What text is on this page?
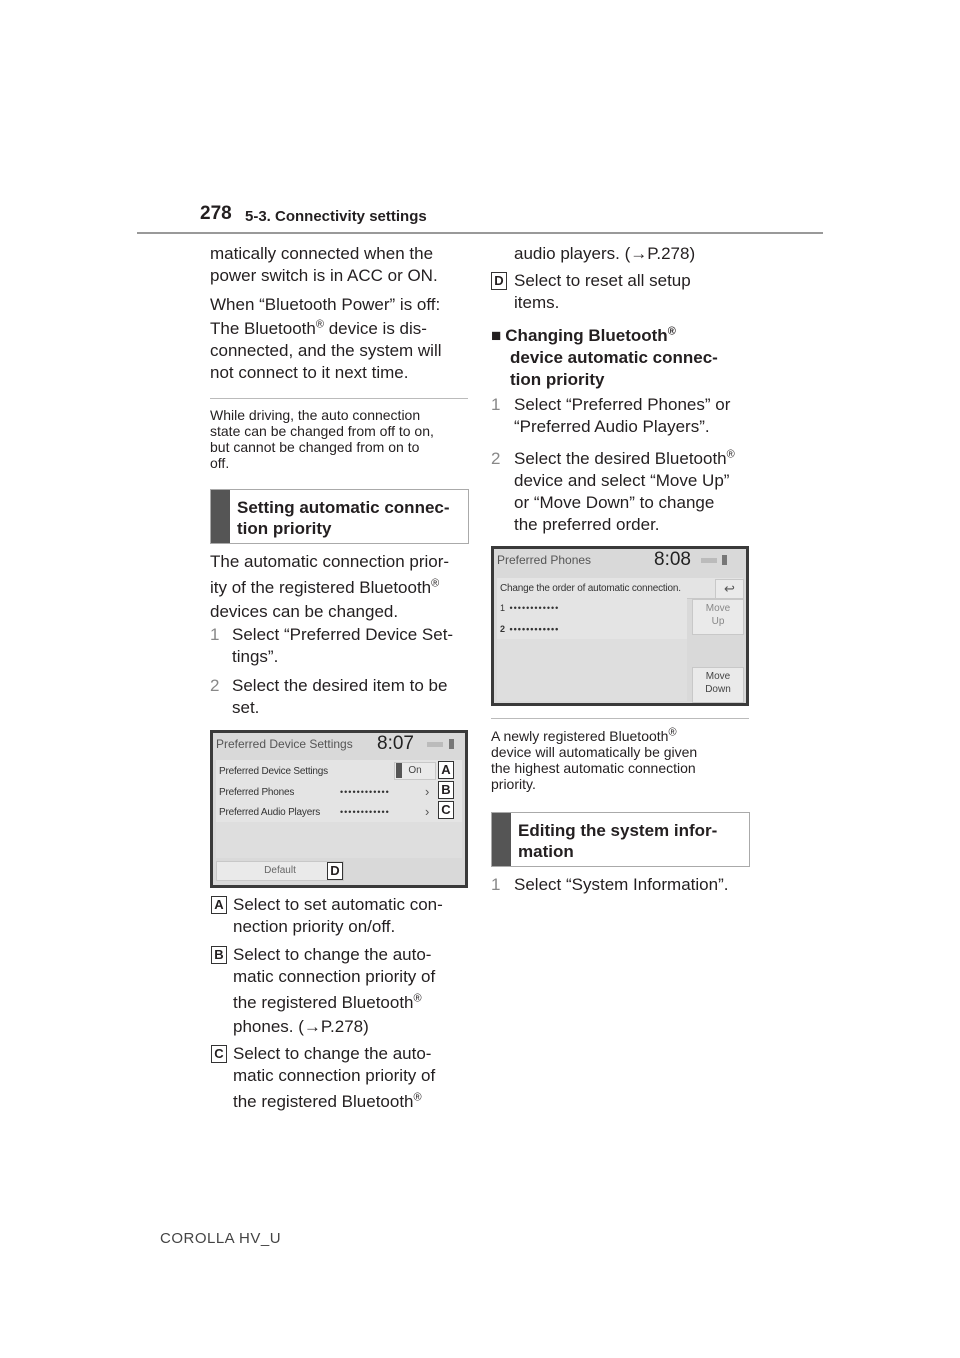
278 5-3. Connectivity settings
matically connected when the
power switch is in ACC or ON.
When “Bluetooth Power” is off:
The Bluetooth® device is dis-
connected, and the system will
not connect to it next time.
While driving, the auto connection
state can be changed from off to on,
but cannot be changed from on to
off.
Setting automatic connec-
tion priority
The automatic connection prior-
ity of the registered Bluetooth®
devices can be changed.
1 Select “Preferred Device Set-
tings”.
2 Select the desired item to be
set.
Preferred Device Settings 8:07
Preferred Device Settings	On
Preferred Phones	••••••••••••	›
Preferred Audio Players ••••••••••••	›
Default
A
B
C
D
A Select to set automatic con-
nection priority on/off.
B Select to change the auto-
matic connection priority of
the registered Bluetooth®
phones. (→P.278)
C Select to change the auto-
matic connection priority of
the registered Bluetooth®
audio players. (→P.278)
D Select to reset all setup
items.
■ Changing Bluetooth®
device automatic connec-
tion priority
1 Select “Preferred Phones” or
“Preferred Audio Players”.
2 Select the desired Bluetooth®
device and select “Move Up”
or “Move Down” to change
the preferred order.
Preferred Phones	8:08
Change the order of automatic connection.	↩
1 ••••••••••••
2 ••••••••••••
Move
Up
Move
Down
A newly registered Bluetooth®
device will automatically be given
the highest automatic connection
priority.
Editing the system infor-
mation
1 Select “System Information”.
COROLLA HV_U
